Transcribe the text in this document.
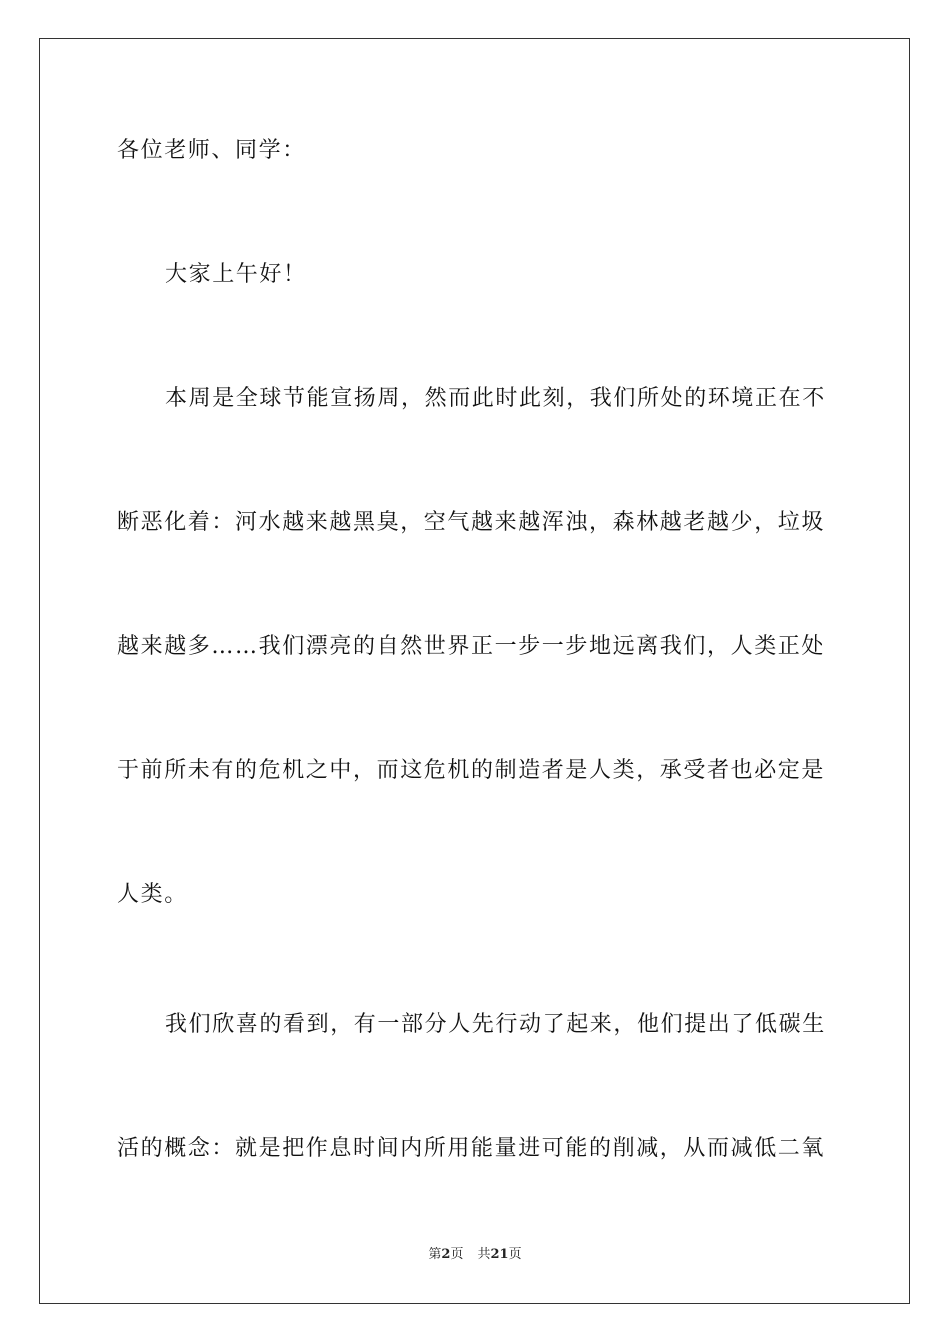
各位老师、同学：
大家上午好！
本周是全球节能宣扬周，然而此时此刻，我们所处的环境正在不
断恶化着：河水越来越黑臭，空气越来越浑浊，森林越老越少，垃圾
越来越多……我们漂亮的自然世界正一步一步地远离我们，人类正处
于前所未有的危机之中，而这危机的制造者是人类，承受者也必定是
人类。
我们欣喜的看到，有一部分人先行动了起来，他们提出了低碳生
活的概念：就是把作息时间内所用能量进可能的削减，从而减低二氧
第2页 共21页
